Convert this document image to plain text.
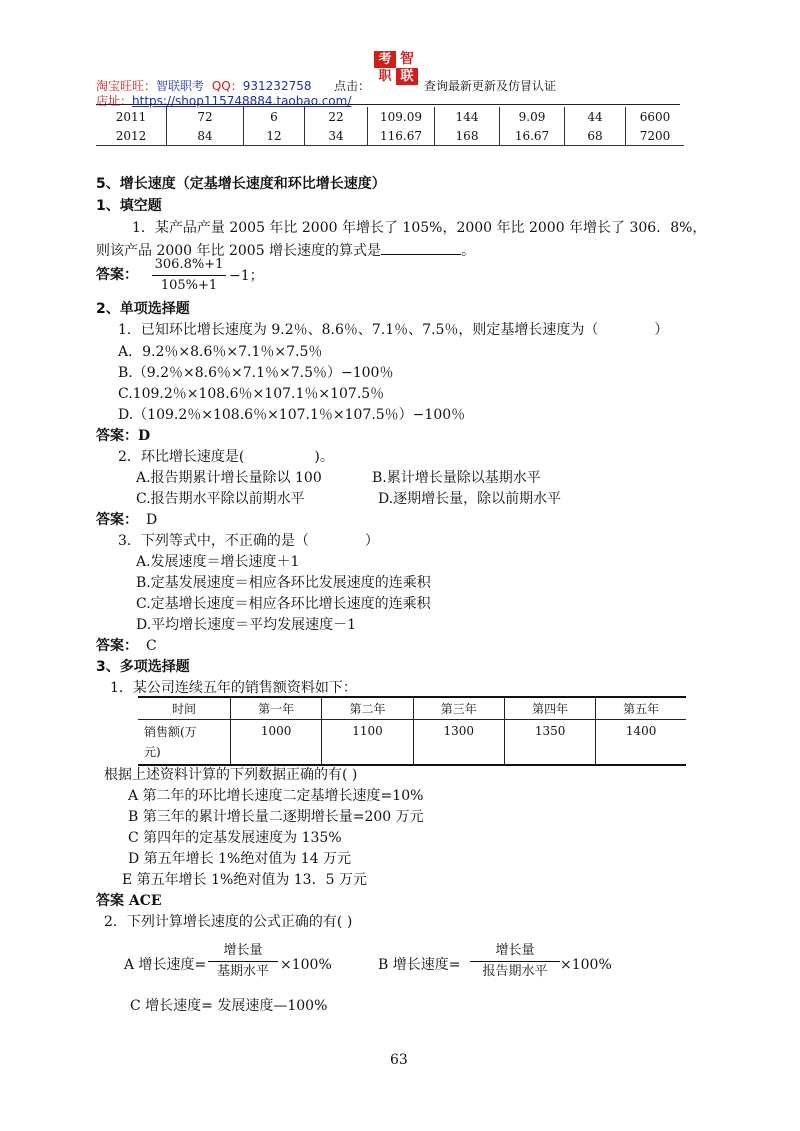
淘宝旺旺：智联职考 QQ：931232758 点击：
考 智
职 联
查询最新更新及仿冒认证
店址：https://shop115748884.taobao.com/
2011	72	6	22	109.09	144	9.09	44	6600
2012	84	12	34	116.67	168	16.67	68	7200
5、增长速度（定基增长速度和环比增长速度）
1、填空题
1．某产品产量 2005 年比 2000 年增长了 105%，2000 年比 2000 年增长了 306．8%，
则该产品 2000 年比 2005 增长速度的算式是	。
答案： $\frac{306.8\%+1}{105\%+1} -1$；
2、单项选择题
1．已知环比增长速度为 9.2％、8.6％、7.1％、7.5％，则定基增长速度为（　　　　）
A．9.2％×8.6％×7.1％×7.5％
B.（9.2％×8.6％×7.1％×7.5％）−100％
C.109.2％×108.6％×107.1％×107.5％
D.（109.2％×108.6％×107.1％×107.5％）−100％
答案：D
2．环比增长速度是(　　　　　)。
A.报告期累计增长量除以 100	B.累计增长量除以基期水平
C.报告期水平除以前期水平	D.逐期增长量，除以前期水平
答案： D
3．下列等式中，不正确的是（　　　　）
A.发展速度＝增长速度＋1
B.定基发展速度＝相应各环比发展速度的连乘积
C.定基增长速度＝相应各环比增长速度的连乘积
D.平均增长速度＝平均发展速度－1
答案： C
3、多项选择题
1．某公司连续五年的销售额资料如下：
时间	第一年	第二年	第三年	第四年	第五年

销售额(万
元)	1000	1100	1300	1350	1400
根据上述资料计算的下列数据正确的有( )
A 第二年的环比增长速度二定基增长速度=10%
B 第三年的累计增长量二逐期增长量=200 万元
C 第四年的定基发展速度为 135%
D 第五年增长 1%绝对值为 14 万元
E 第五年增长 1%绝对值为 13．5 万元
答案 ACE
2．下列计算增长速度的公式正确的有( )
A 增长速度=
增长量
基期水平 ×100%	B 增长速度=
增长量
报告期水平 ×100%
C 增长速度= 发展速度—100%
63
